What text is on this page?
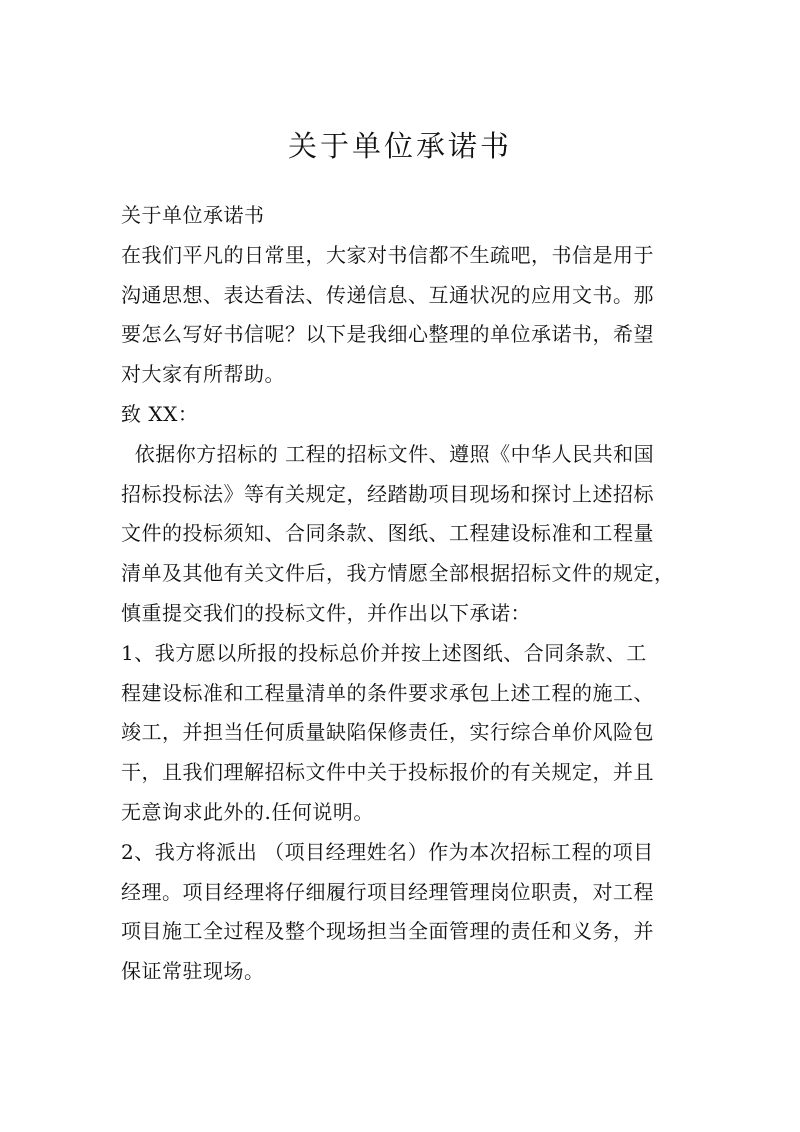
关于单位承诺书
关于单位承诺书
在我们平凡的日常里，大家对书信都不生疏吧，书信是用于
沟通思想、表达看法、传递信息、互通状况的应用文书。那
要怎么写好书信呢？以下是我细心整理的单位承诺书，希望
对大家有所帮助。
致 XX：
依据你方招标的 工程的招标文件、遵照《中华人民共和国
招标投标法》等有关规定，经踏勘项目现场和探讨上述招标
文件的投标须知、合同条款、图纸、工程建设标准和工程量
清单及其他有关文件后，我方情愿全部根据招标文件的规定，
慎重提交我们的投标文件，并作出以下承诺：
1、我方愿以所报的投标总价并按上述图纸、合同条款、工
程建设标准和工程量清单的条件要求承包上述工程的施工、
竣工，并担当任何质量缺陷保修责任，实行综合单价风险包
干，且我们理解招标文件中关于投标报价的有关规定，并且
无意询求此外的.任何说明。
2、我方将派出 （项目经理姓名）作为本次招标工程的项目
经理。项目经理将仔细履行项目经理管理岗位职责，对工程
项目施工全过程及整个现场担当全面管理的责任和义务，并
保证常驻现场。
